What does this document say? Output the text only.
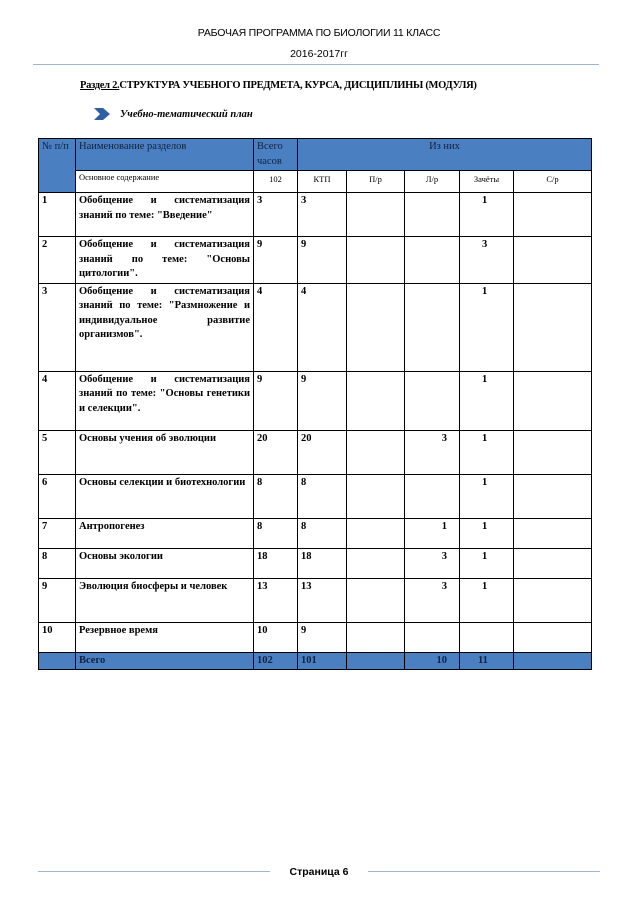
РАБОЧАЯ ПРОГРАММА ПО БИОЛОГИИ 11 КЛАСС
2016-2017гг
Раздел 2.СТРУКТУРА УЧЕБНОГО ПРЕДМЕТА, КУРСА, ДИСЦИПЛИНЫ (МОДУЛЯ)
Учебно-тематический план
№ п/п	Наименование разделов	Всего часов	Из них				
	Основное содержание	102	КТП	П/р	Л/р	Зачёты	С/р
1	Обобщение и систематизация знаний по теме: "Введение"	3	3			1	
2	Обобщение и систематизация знаний по теме: "Основы цитологии".	9	9			3	
3	Обобщение и систематизация знаний по теме: "Размножение и индивидуальное развитие организмов".	4	4			1	
4	Обобщение и систематизация знаний по теме: "Основы генетики и селекции".	9	9			1	
5	Основы учения об эволюции	20	20		3	1	
6	Основы селекции и биотехнологии	8	8			1	
7	Антропогенез	8	8		1	1	
8	Основы экологии	18	18		3	1	
9	Эволюция биосферы и человек	13	13		3	1	
10	Резервное время	10	9				
	Всего	102	101		10	11	
Страница 6
